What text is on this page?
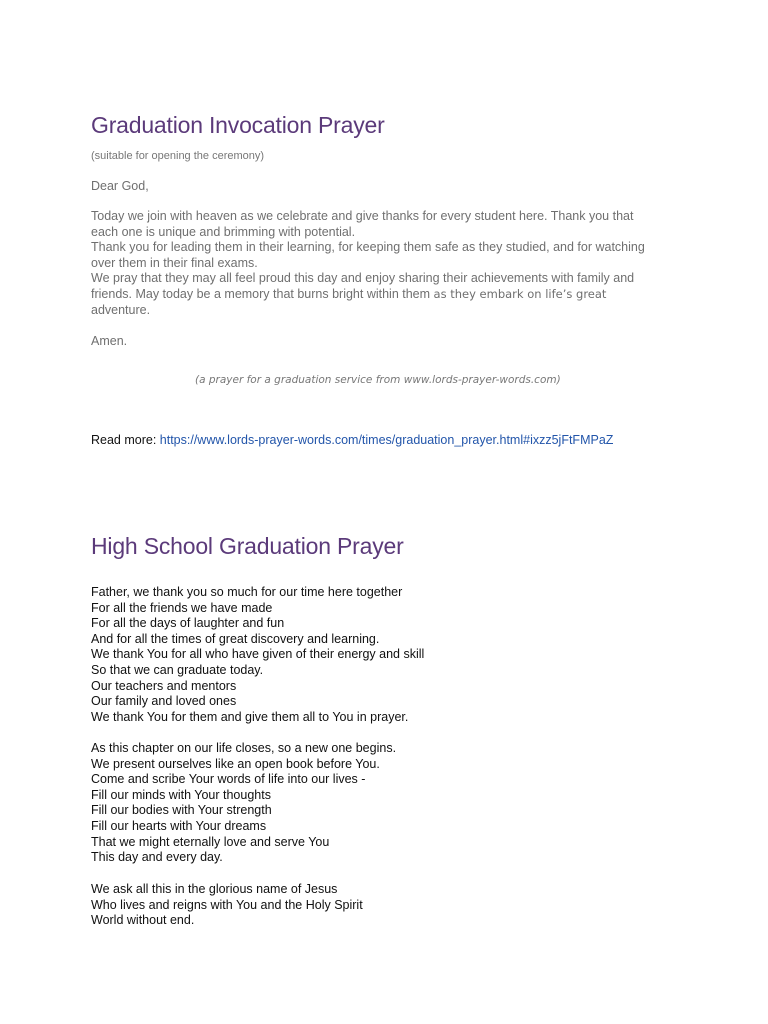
Graduation Invocation Prayer
(suitable for opening the ceremony)
Dear God,
Today we join with heaven as we celebrate and give thanks for every student here. Thank you that
each one is unique and brimming with potential.
Thank you for leading them in their learning, for keeping them safe as they studied, and for watching
over them in their final exams.
We pray that they may all feel proud this day and enjoy sharing their achievements with family and
friends. May today be a memory that burns bright within them as they embark on life’s great
adventure.
Amen.
(a prayer for a graduation service from www.lords-prayer-words.com)
Read more: https://www.lords-prayer-words.com/times/graduation_prayer.html#ixzz5jFtFMPaZ
High School Graduation Prayer
Father, we thank you so much for our time here together
For all the friends we have made
For all the days of laughter and fun
And for all the times of great discovery and learning.
We thank You for all who have given of their energy and skill
So that we can graduate today.
Our teachers and mentors
Our family and loved ones
We thank You for them and give them all to You in prayer.
As this chapter on our life closes, so a new one begins.
We present ourselves like an open book before You.
Come and scribe Your words of life into our lives -
Fill our minds with Your thoughts
Fill our bodies with Your strength
Fill our hearts with Your dreams
That we might eternally love and serve You
This day and every day.
We ask all this in the glorious name of Jesus
Who lives and reigns with You and the Holy Spirit
World without end.
